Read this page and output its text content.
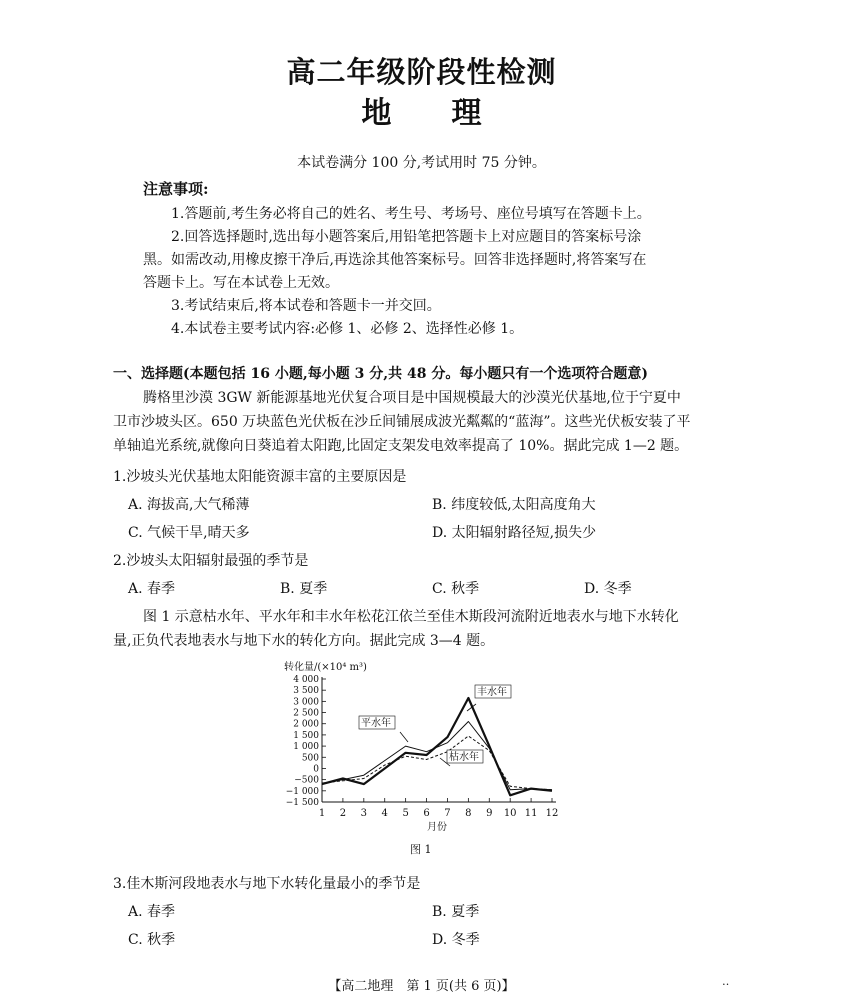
高二年级阶段性检测
地　　理
本试卷满分 100 分,考试用时 75 分钟。
注意事项:
1.答题前,考生务必将自己的姓名、考生号、考场号、座位号填写在答题卡上。
2.回答选择题时,选出每小题答案后,用铅笔把答题卡上对应题目的答案标号涂
黑。如需改动,用橡皮擦干净后,再选涂其他答案标号。回答非选择题时,将答案写在
答题卡上。写在本试卷上无效。
3.考试结束后,将本试卷和答题卡一并交回。
4.本试卷主要考试内容:必修 1、必修 2、选择性必修 1。
一、选择题(本题包括 16 小题,每小题 3 分,共 48 分。每小题只有一个选项符合题意)
腾格里沙漠 3GW 新能源基地光伏复合项目是中国规模最大的沙漠光伏基地,位于宁夏中
卫市沙坡头区。650 万块蓝色光伏板在沙丘间铺展成波光粼粼的“蓝海”。这些光伏板安装了平
单轴追光系统,就像向日葵追着太阳跑,比固定支架发电效率提高了 10%。据此完成 1—2 题。
1.沙坡头光伏基地太阳能资源丰富的主要原因是
A. 海拔高,大气稀薄	B. 纬度较低,太阳高度角大
C. 气候干旱,晴天多	D. 太阳辐射路径短,损失少
2.沙坡头太阳辐射最强的季节是
A. 春季	B. 夏季	C. 秋季	D. 冬季
图 1 示意枯水年、平水年和丰水年松花江依兰至佳木斯段河流附近地表水与地下水转化
量,正负代表地表水与地下水的转化方向。据此完成 3—4 题。
−1 500
−1 000
−500
0
500
1 000
1 500
2 000
2 500
3 000
3 500
4 000
1 2 3 4 5 6 7 8 9 10 11 12
转化量/(×10⁴ m³)
月份
丰水年
平水年
枯水年
图 1
3.佳木斯河段地表水与地下水转化量最小的季节是
A. 春季	B. 夏季
C. 秋季	D. 冬季
【高二地理　第 1 页(共 6 页)】	‥
